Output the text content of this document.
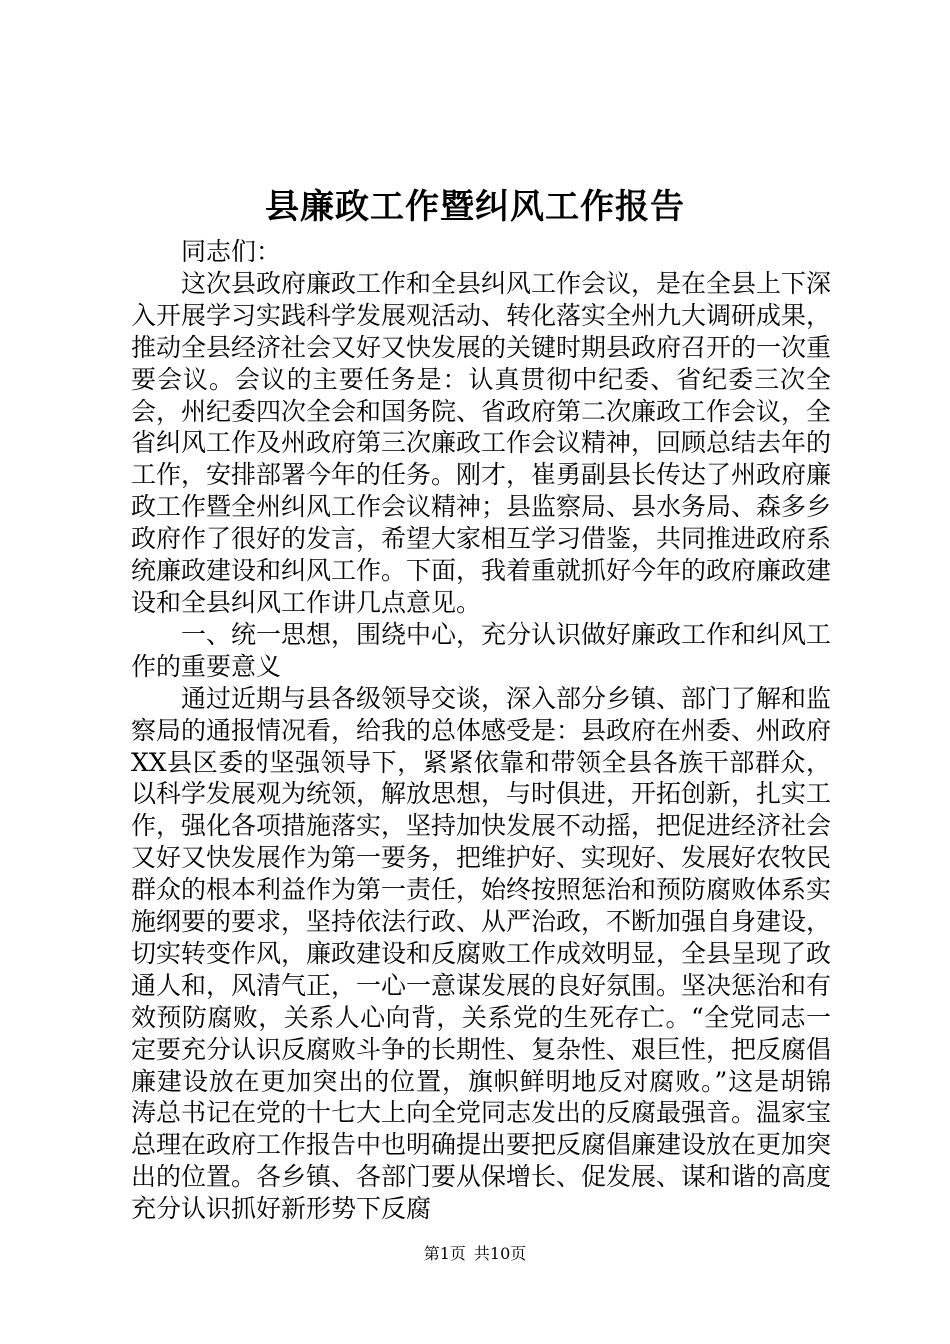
县廉政工作暨纠风工作报告

同志们：

这次县政府廉政工作和全县纠风工作会议，是在全县上下深入开展学习实践科学发展观活动、转化落实全州九大调研成果，推动全县经济社会又好又快发展的关键时期县政府召开的一次重要会议。会议的主要任务是：认真贯彻中纪委、省纪委三次全会，州纪委四次全会和国务院、省政府第二次廉政工作会议，全省纠风工作及州政府第三次廉政工作会议精神，回顾总结去年的工作，安排部署今年的任务。刚才，崔勇副县长传达了州政府廉政工作暨全州纠风工作会议精神；县监察局、县水务局、森多乡政府作了很好的发言，希望大家相互学习借鉴，共同推进政府系统廉政建设和纠风工作。下面，我着重就抓好今年的政府廉政建设和全县纠风工作讲几点意见。

一、统一思想，围绕中心，充分认识做好廉政工作和纠风工作的重要意义

通过近期与县各级领导交谈，深入部分乡镇、部门了解和监察局的通报情况看，给我的总体感受是：县政府在州委、州政府XX县区委的坚强领导下，紧紧依靠和带领全县各族干部群众，以科学发展观为统领，解放思想，与时俱进，开拓创新，扎实工作，强化各项措施落实，坚持加快发展不动摇，把促进经济社会又好又快发展作为第一要务，把维护好、实现好、发展好农牧民群众的根本利益作为第一责任，始终按照惩治和预防腐败体系实施纲要的要求，坚持依法行政、从严治政，不断加强自身建设，切实转变作风，廉政建设和反腐败工作成效明显，全县呈现了政通人和，风清气正，一心一意谋发展的良好氛围。坚决惩治和有效预防腐败，关系人心向背，关系党的生死存亡。“全党同志一定要充分认识反腐败斗争的长期性、复杂性、艰巨性，把反腐倡廉建设放在更加突出的位置，旗帜鲜明地反对腐败。”这是胡锦涛总书记在党的十七大上向全党同志发出的反腐最强音。温家宝总理在政府工作报告中也明确提出要把反腐倡廉建设放在更加突出的位置。各乡镇、各部门要从保增长、促发展、谋和谐的高度充分认识抓好新形势下反腐

第1页 共10页
